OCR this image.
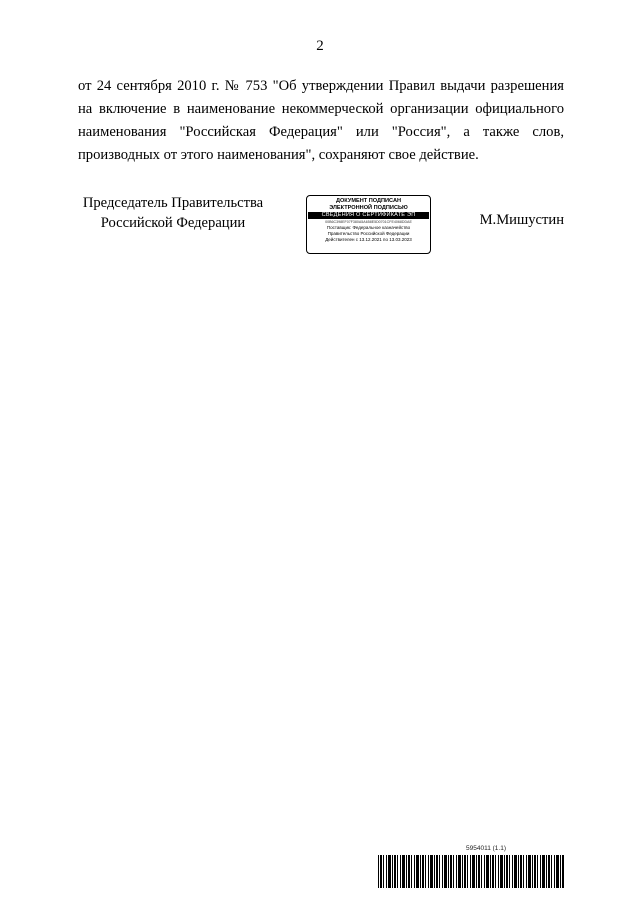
2
от 24 сентября 2010 г. № 753 "Об утверждении Правил выдачи разрешения
на включение в наименование некоммерческой организации официального
наименования "Российская Федерация" или "Россия", а также слов,
производных от этого наименования", сохраняют свое действие.
Председатель Правительства
Российской Федерации
ДОКУМЕНТ ПОДПИСАН
ЭЛЕКТРОННОЙ ПОДПИСЬЮ
СВЕДЕНИЯ О СЕРТИФИКАТЕ ЭП
00B6C398EF07F380A5A658E5D0701CFE4068DDAE
Поставщик: Федеральное казначейство
Правительство Российской Федерации
Действителен с 13.12.2021 по 13.03.2023
М.Мишустин
5954011 (1.1)
